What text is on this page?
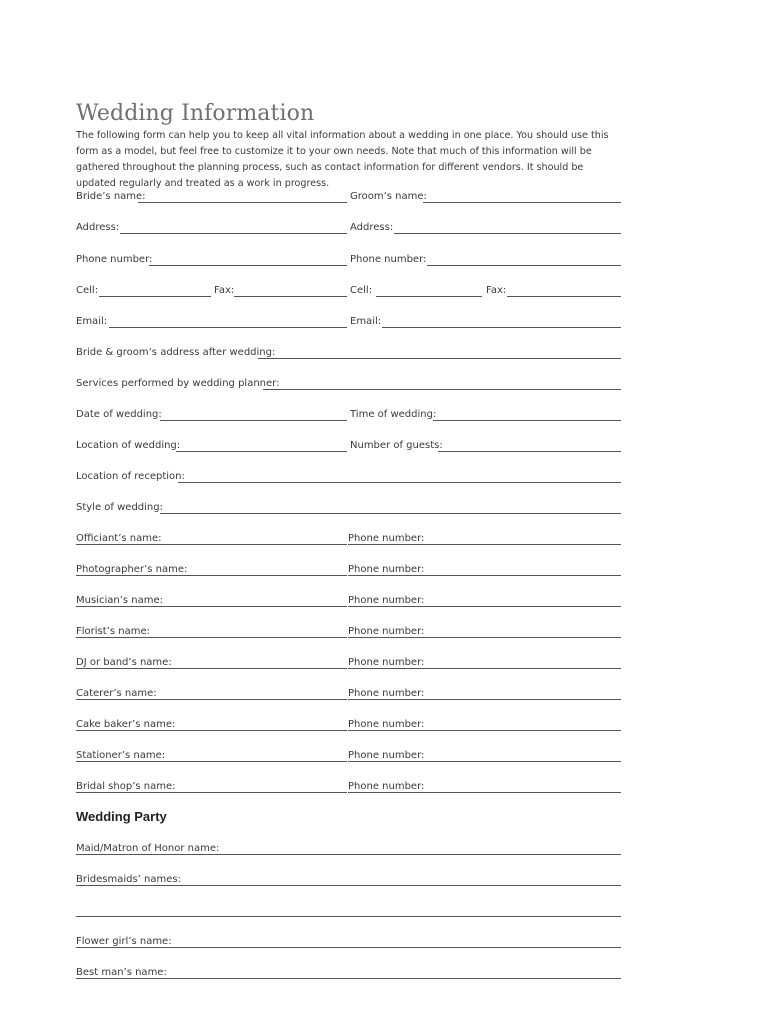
Wedding Information

The following form can help you to keep all vital information about a wedding in one place. You should use this form as a model, but feel free to customize it to your own needs. Note that much of this information will be gathered throughout the planning process, such as contact information for different vendors. It should be updated regularly and treated as a work in progress.

Bride’s name:	Groom’s name:
Address:	Address:
Phone number:	Phone number:
Cell:	Fax:	Cell:	Fax:
Email:	Email:
Bride & groom’s address after wedding:
Services performed by wedding planner:
Date of wedding:	Time of wedding:
Location of wedding:	Number of guests:
Location of reception:
Style of wedding:
Officiant’s name:	Phone number:
Photographer’s name:	Phone number:
Musician’s name:	Phone number:
Florist’s name:	Phone number:
DJ or band’s name:	Phone number:
Caterer’s name:	Phone number:
Cake baker’s name:	Phone number:
Stationer’s name:	Phone number:
Bridal shop’s name:	Phone number:
Wedding Party
Maid/Matron of Honor name:
Bridesmaids’ names:
Flower girl’s name:
Best man’s name:
